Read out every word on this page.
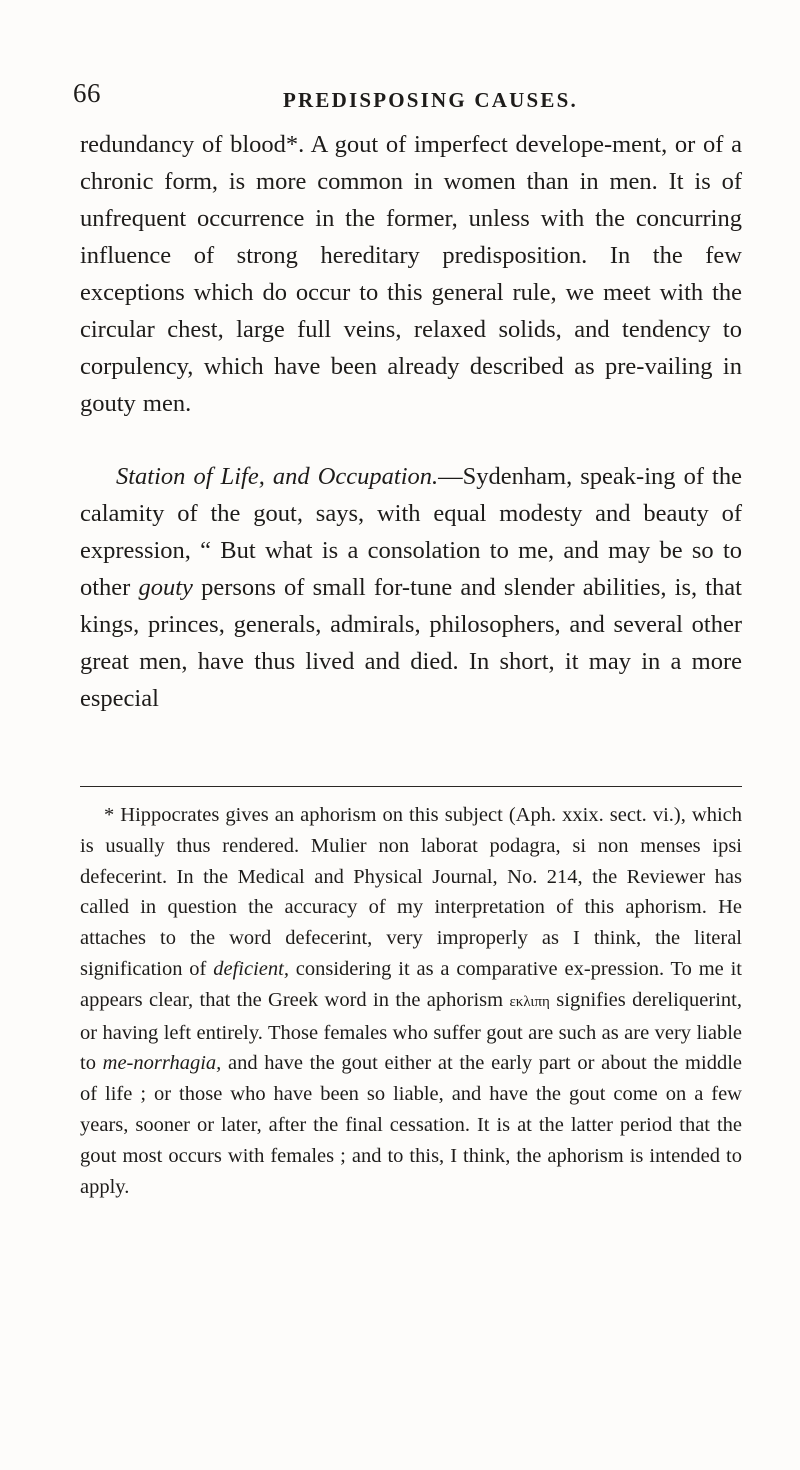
66	PREDISPOSING CAUSES.

redundancy of blood*. A gout of imperfect develope-ment, or of a chronic form, is more common in women than in men. It is of unfrequent occurrence in the former, unless with the concurring influence of strong hereditary predisposition. In the few exceptions which do occur to this general rule, we meet with the circular chest, large full veins, relaxed solids, and tendency to corpulency, which have been already described as pre-vailing in gouty men.

Station of Life, and Occupation.—Sydenham, speak-ing of the calamity of the gout, says, with equal modesty and beauty of expression, “ But what is a consolation to me, and may be so to other gouty persons of small for-tune and slender abilities, is, that kings, princes, generals, admirals, philosophers, and several other great men, have thus lived and died. In short, it may in a more especial

* Hippocrates gives an aphorism on this subject (Aph. xxix. sect. vi.), which is usually thus rendered. Mulier non laborat podagra, si non menses ipsi defecerint. In the Medical and Physical Journal, No. 214, the Reviewer has called in question the accuracy of my interpretation of this aphorism. He attaches to the word defecerint, very improperly as I think, the literal signification of deficient, considering it as a comparative ex-pression. To me it appears clear, that the Greek word in the aphorism εκλιπη signifies dereliquerint, or having left entirely. Those females who suffer gout are such as are very liable to me-norrhagia, and have the gout either at the early part or about the middle of life ; or those who have been so liable, and have the gout come on a few years, sooner or later, after the final cessation. It is at the latter period that the gout most occurs with females ; and to this, I think, the aphorism is intended to apply.
